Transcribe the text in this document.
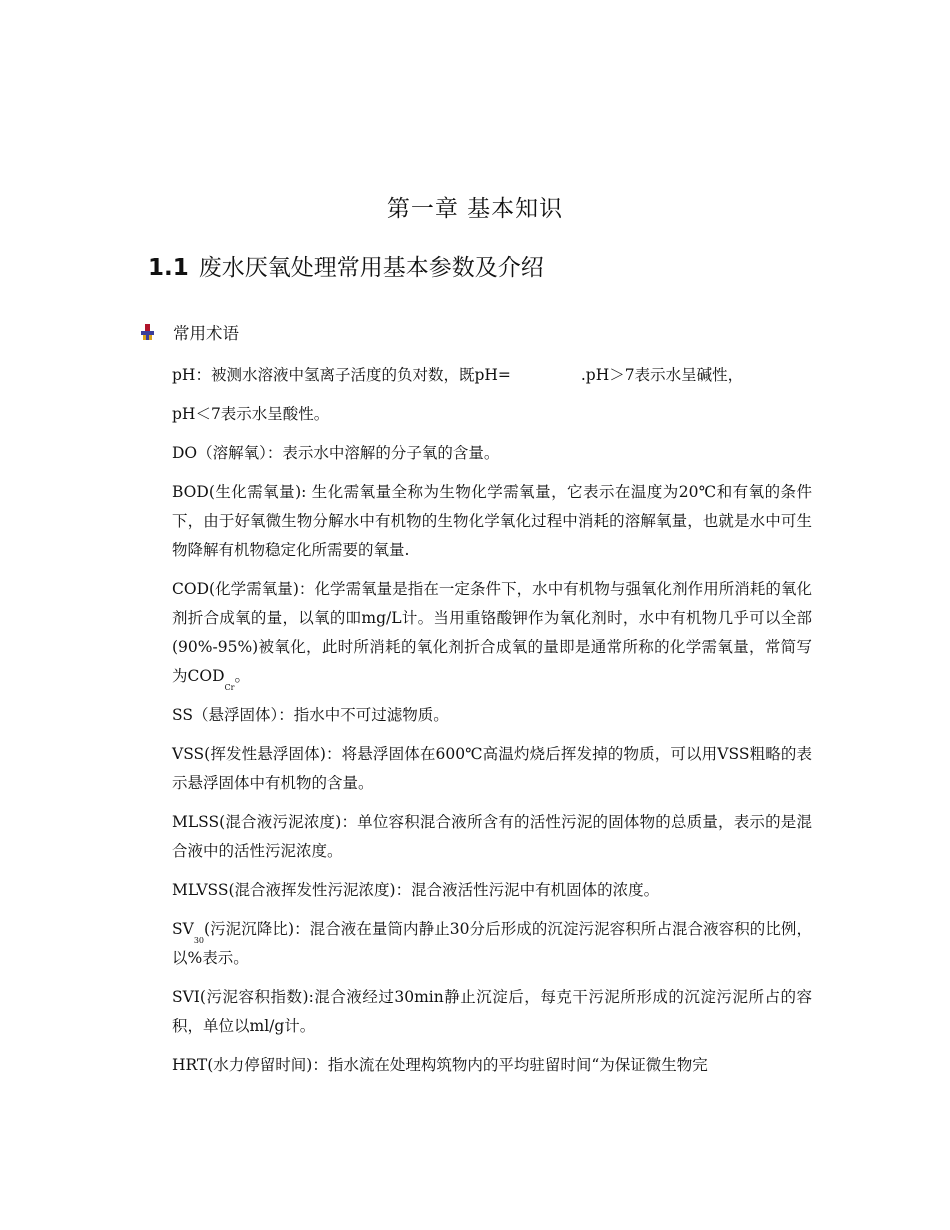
第一章 基本知识
1.1 废水厌氧处理常用基本参数及介绍
常用术语

pH：被测水溶液中氢离子活度的负对数，既pH=	.pH＞7表示水呈碱性，

pH＜7表示水呈酸性。

DO（溶解氧）：表示水中溶解的分子氧的含量。

BOD(生化需氧量): 生化需氧量全称为生物化学需氧量，它表示在温度为20℃和有氧的条件下，由于好氧微生物分解水中有机物的生物化学氧化过程中消耗的溶解氧量，也就是水中可生物降解有机物稳定化所需要的氧量.

COD(化学需氧量)：化学需氧量是指在一定条件下，水中有机物与强氧化剂作用所消耗的氧化剂折合成氧的量，以氧的吅mg/L计。当用重铬酸钾作为氧化剂时，水中有机物几乎可以全部(90%-95%)被氧化，此时所消耗的氧化剂折合成氧的量即是通常所称的化学需氧量，常简写为$COD_{Cr}$。

SS（悬浮固体）：指水中不可过滤物质。

VSS(挥发性悬浮固体)：将悬浮固体在600℃高温灼烧后挥发掉的物质，可以用VSS粗略的表示悬浮固体中有机物的含量。

MLSS(混合液污泥浓度)：单位容积混合液所含有的活性污泥的固体物的总质量，表示的是混合液中的活性污泥浓度。

MLVSS(混合液挥发性污泥浓度)：混合液活性污泥中有机固体的浓度。

$SV_{30}$(污泥沉降比)：混合液在量筒内静止30分后形成的沉淀污泥容积所占混合液容积的比例，以%表示。

SVI(污泥容积指数):混合液经过30min静止沉淀后，每克干污泥所形成的沉淀污泥所占的容积，单位以ml/g计。

HRT(水力停留时间)：指水流在处理构筑物内的平均驻留时间“为保证微生物完
